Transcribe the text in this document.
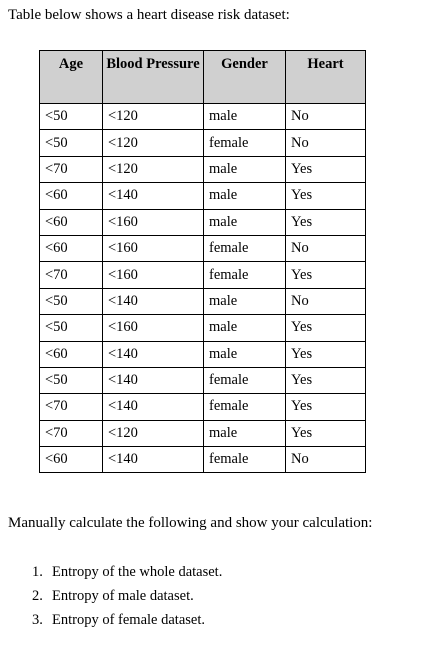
Table below shows a heart disease risk dataset:
Age	Blood Pressure	Gender	Heart
<50	<120	male	No
<50	<120	female	No
<70	<120	male	Yes
<60	<140	male	Yes
<60	<160	male	Yes
<60	<160	female	No
<70	<160	female	Yes
<50	<140	male	No
<50	<160	male	Yes
<60	<140	male	Yes
<50	<140	female	Yes
<70	<140	female	Yes
<70	<120	male	Yes
<60	<140	female	No
Manually calculate the following and show your calculation:
1. Entropy of the whole dataset.
2. Entropy of male dataset.
3. Entropy of female dataset.
